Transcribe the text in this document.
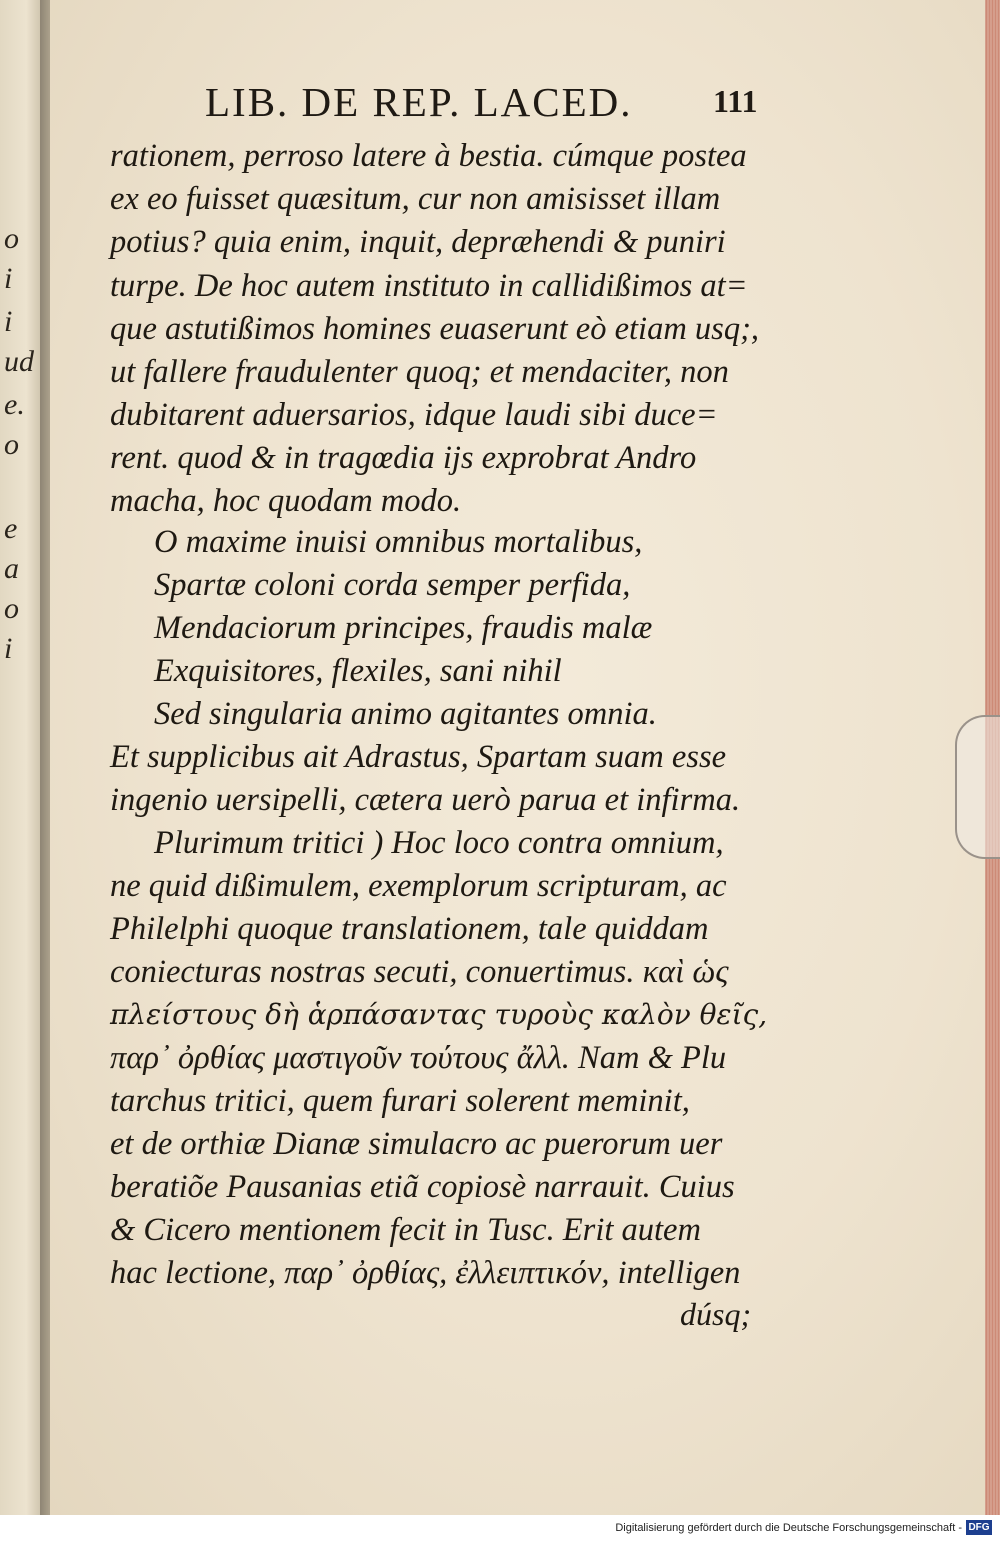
o
i
i
ud
e.
o
e
a
o
i
LIB. DE REP. LACED.	111
rationem, perroso latere à bestia. cúmque postea
ex eo fuisset quæsitum, cur non amisisset illam
potius? quia enim, inquit, depræhendi & puniri
turpe. De hoc autem instituto in callidißimos at=
que astutißimos homines euaserunt eò etiam usq;,
ut fallere fraudulenter quoq; et mendaciter, non
dubitarent aduersarios, idque laudi sibi duce=
rent. quod & in tragœdia ijs exprobrat Andro
macha, hoc quodam modo.
O maxime inuisi omnibus mortalibus,
Spartæ coloni corda semper perfida,
Mendaciorum principes, fraudis malæ
Exquisitores, flexiles, sani nihil
Sed singularia animo agitantes omnia.
Et supplicibus ait Adrastus, Spartam suam esse
ingenio uersipelli, cætera uerò parua et infirma.
Plurimum tritici ) Hoc loco contra omnium,
ne quid dißimulem, exemplorum scripturam, ac
Philelphi quoque translationem, tale quiddam
coniecturas nostras secuti, conuertimus. καὶ ὡς
πλείστους δὴ ἁρπάσαντας τυροὺς καλὸν θεῖς,
παρ᾽ ὀρθίας μαστιγοῦν τούτους ἄλλ. Nam & Plu
tarchus tritici, quem furari solerent meminit,
et de orthiæ Dianæ simulacro ac puerorum uer
beratiõe Pausanias etiã copiosè narrauit. Cuius
& Cicero mentionem fecit in Tusc. Erit autem
hac lectione, παρ᾽ ὀρθίας, ἐλλειπτικόν, intelligen
dúsq;
Digitalisierung gefördert durch die Deutsche Forschungsgemeinschaft - DFG
